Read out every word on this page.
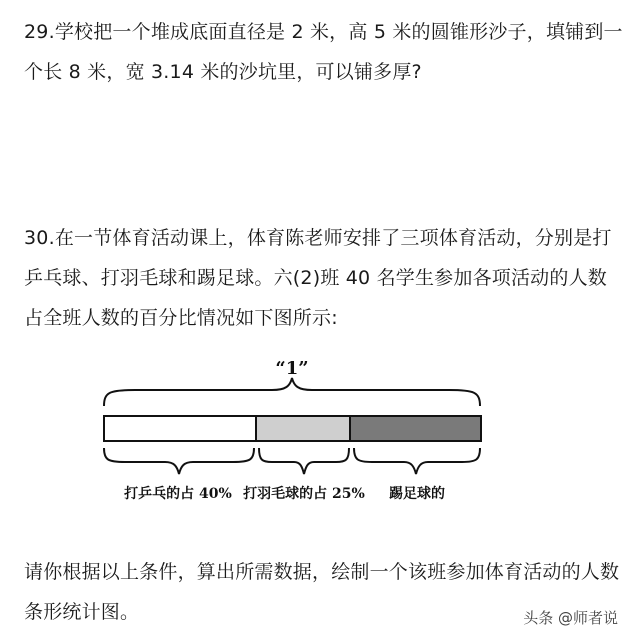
29.学校把一个堆成底面直径是 2 米，高 5 米的圆锥形沙子，填铺到一个长 8 米，宽 3.14 米的沙坑里，可以铺多厚?

30.在一节体育活动课上，体育陈老师安排了三项体育活动，分别是打乒乓球、打羽毛球和踢足球。六(2)班 40 名学生参加各项活动的人数占全班人数的百分比情况如下图所示:

“1”
打乒乓的占 40% 打羽毛球的占 25% 踢足球的

请你根据以上条件，算出所需数据，绘制一个该班参加体育活动的人数条形统计图。	头条 @师者说
